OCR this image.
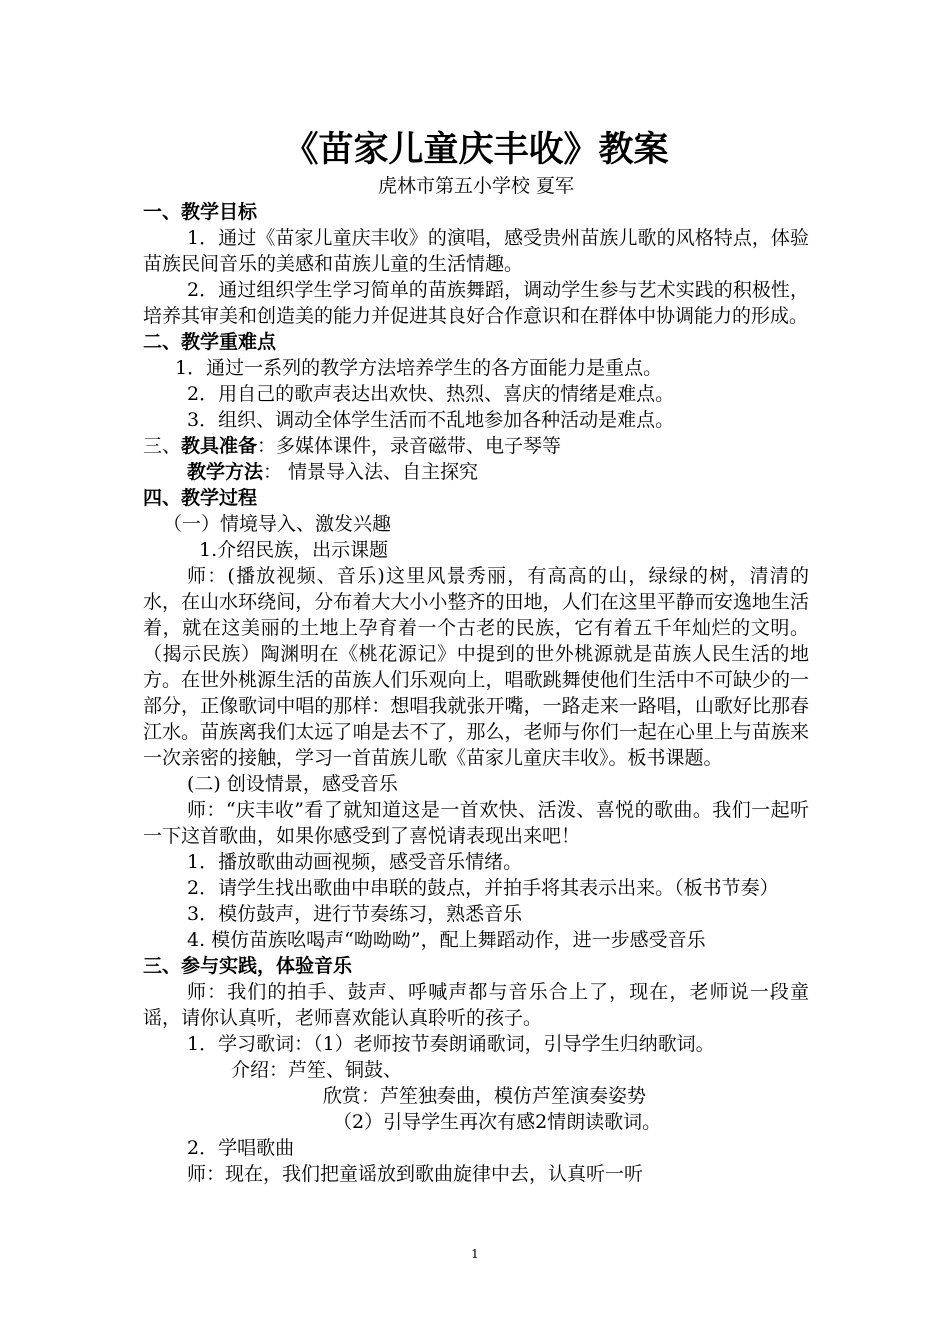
《苗家儿童庆丰收》教案
虎林市第五小学校 夏军

一、教学目标

1．通过《苗家儿童庆丰收》的演唱，感受贵州苗族儿歌的风格特点，体验苗族民间音乐的美感和苗族儿童的生活情趣。

2．通过组织学生学习简单的苗族舞蹈，调动学生参与艺术实践的积极性，培养其审美和创造美的能力并促进其良好合作意识和在群体中协调能力的形成。

二、教学重难点

1．通过一系列的教学方法培养学生的各方面能力是重点。

2．用自己的歌声表达出欢快、热烈、喜庆的情绪是难点。

3．组织、调动全体学生活而不乱地参加各种活动是难点。

三、教具准备：多媒体课件，录音磁带、电子琴等

教学方法： 情景导入法、自主探究

四、教学过程

（一）情境导入、激发兴趣

1.介绍民族，出示课题

师：(播放视频、音乐)这里风景秀丽，有高高的山，绿绿的树，清清的水，在山水环绕间，分布着大大小小整齐的田地，人们在这里平静而安逸地生活着，就在这美丽的土地上孕育着一个古老的民族，它有着五千年灿烂的文明。（揭示民族）陶渊明在《桃花源记》中提到的世外桃源就是苗族人民生活的地方。在世外桃源生活的苗族人们乐观向上，唱歌跳舞使他们生活中不可缺少的一部分，正像歌词中唱的那样：想唱我就张开嘴，一路走来一路唱，山歌好比那春江水。苗族离我们太远了咱是去不了，那么，老师与你们一起在心里上与苗族来一次亲密的接触，学习一首苗族儿歌《苗家儿童庆丰收》。板书课题。

(二) 创设情景，感受音乐

师：“庆丰收”看了就知道这是一首欢快、活泼、喜悦的歌曲。我们一起听一下这首歌曲，如果你感受到了喜悦请表现出来吧！

1．播放歌曲动画视频，感受音乐情绪。

2．请学生找出歌曲中串联的鼓点，并拍手将其表示出来。（板书节奏）

3．模仿鼓声，进行节奏练习，熟悉音乐

4. 模仿苗族吆喝声“呦呦呦”，配上舞蹈动作，进一步感受音乐

三、参与实践，体验音乐

师：我们的拍手、鼓声、呼喊声都与音乐合上了，现在，老师说一段童谣，请你认真听，老师喜欢能认真聆听的孩子。

1．学习歌词：（1）老师按节奏朗诵歌词，引导学生归纳歌词。

介绍：芦笙、铜鼓、

欣赏：芦笙独奏曲，模仿芦笙演奏姿势

（2）引导学生再次有感2情朗读歌词。

2．学唱歌曲

师：现在，我们把童谣放到歌曲旋律中去，认真听一听

1
